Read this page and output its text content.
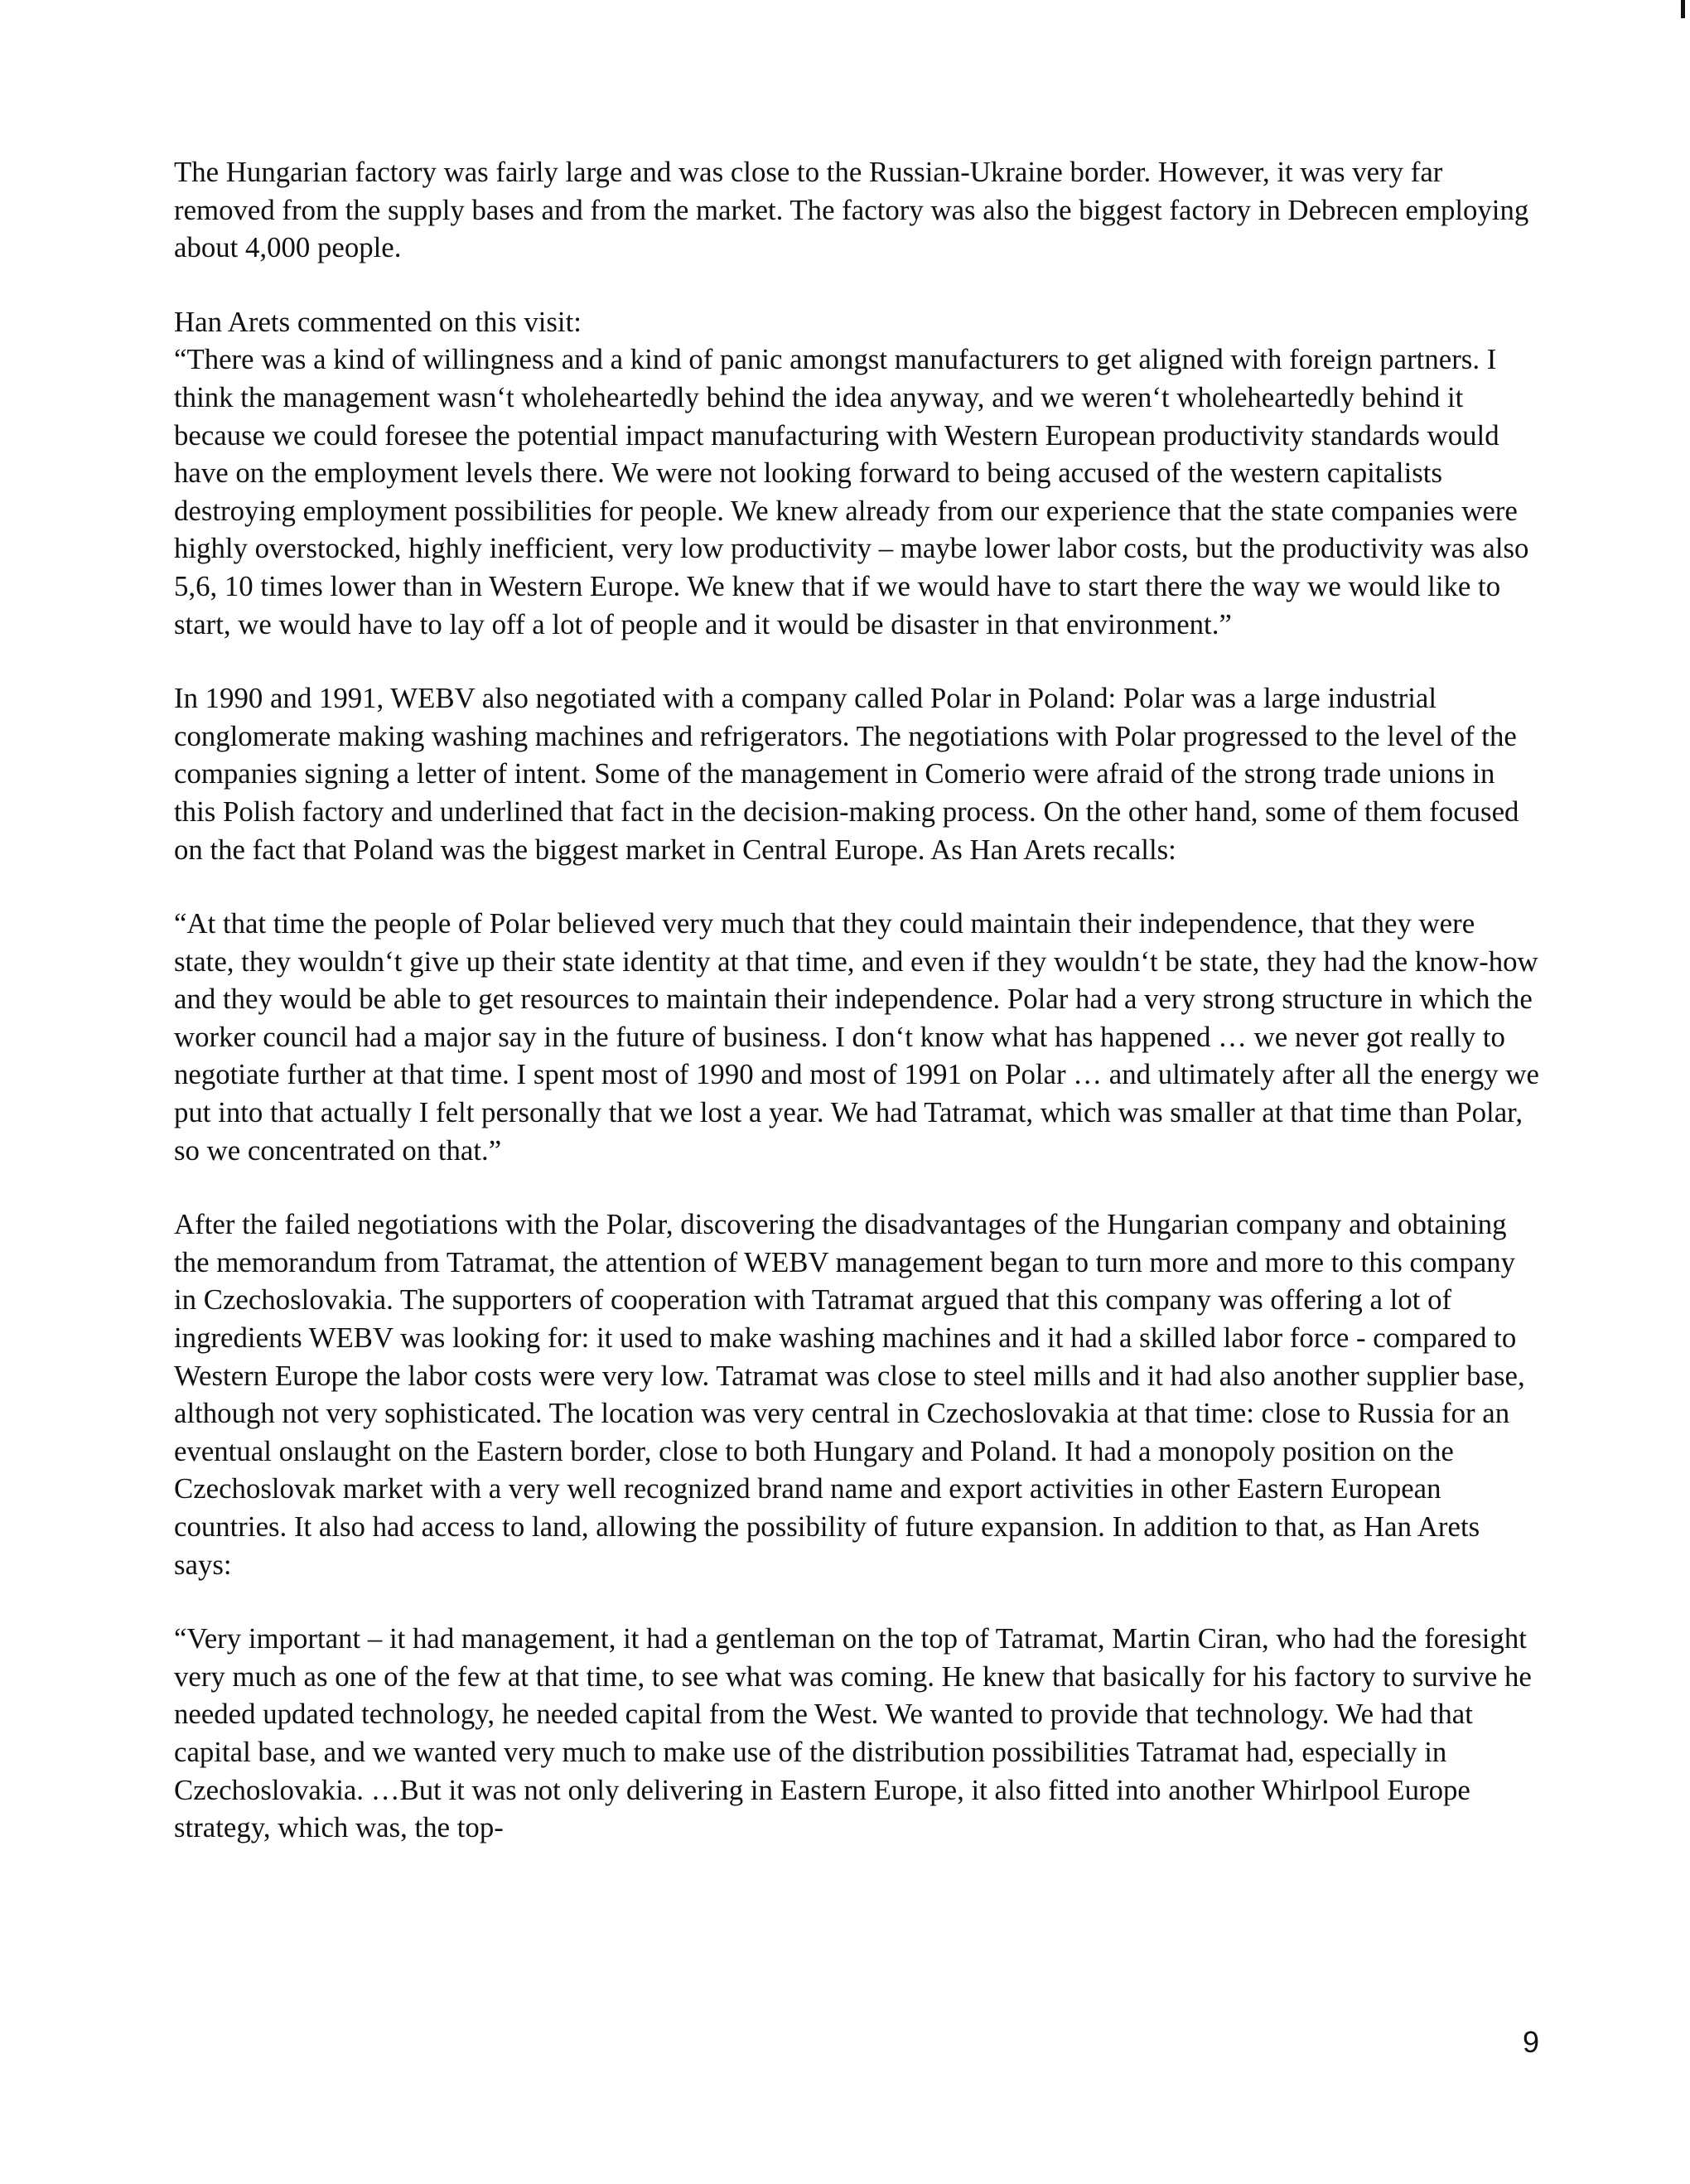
The Hungarian factory was fairly large and was close to the Russian-Ukraine border. However, it was very far removed from the supply bases and from the market. The factory was also the biggest factory in Debrecen employing about 4,000 people.

Han Arets commented on this visit:

“There was a kind of willingness and a kind of panic amongst manufacturers to get aligned with foreign partners. I think the management wasn‘t wholeheartedly behind the idea anyway, and we weren‘t wholeheartedly behind it because we could foresee the potential impact manufacturing with Western European productivity standards would have on the employment levels there. We were not looking forward to being accused of the western capitalists destroying employment possibilities for people. We knew already from our experience that the state companies were highly overstocked, highly inefficient, very low productivity – maybe lower labor costs, but the productivity was also 5,6, 10 times lower than in Western Europe. We knew that if we would have to start there the way we would like to start, we would have to lay off a lot of people and it would be disaster in that environment.”

In 1990 and 1991, WEBV also negotiated with a company called Polar in Poland: Polar was a large industrial conglomerate making washing machines and refrigerators. The negotiations with Polar progressed to the level of the companies signing a letter of intent. Some of the management in Comerio were afraid of the strong trade unions in this Polish factory and underlined that fact in the decision-making process. On the other hand, some of them focused on the fact that Poland was the biggest market in Central Europe. As Han Arets recalls:

“At that time the people of Polar believed very much that they could maintain their independence, that they were state, they wouldn‘t give up their state identity at that time, and even if they wouldn‘t be state, they had the know-how and they would be able to get resources to maintain their independence. Polar had a very strong structure in which the worker council had a major say in the future of business. I don‘t know what has happened … we never got really to negotiate further at that time. I spent most of 1990 and most of 1991 on Polar … and ultimately after all the energy we put into that actually I felt personally that we lost a year. We had Tatramat, which was smaller at that time than Polar, so we concentrated on that.”

After the failed negotiations with the Polar, discovering the disadvantages of the Hungarian company and obtaining the memorandum from Tatramat, the attention of WEBV management began to turn more and more to this company in Czechoslovakia. The supporters of cooperation with Tatramat argued that this company was offering a lot of ingredients WEBV was looking for: it used to make washing machines and it had a skilled labor force - compared to Western Europe the labor costs were very low. Tatramat was close to steel mills and it had also another supplier base, although not very sophisticated. The location was very central in Czechoslovakia at that time: close to Russia for an eventual onslaught on the Eastern border, close to both Hungary and Poland. It had a monopoly position on the Czechoslovak market with a very well recognized brand name and export activities in other Eastern European countries. It also had access to land, allowing the possibility of future expansion. In addition to that, as Han Arets says:

“Very important – it had management, it had a gentleman on the top of Tatramat, Martin Ciran, who had the foresight very much as one of the few at that time, to see what was coming. He knew that basically for his factory to survive he needed updated technology, he needed capital from the West. We wanted to provide that technology. We had that capital base, and we wanted very much to make use of the distribution possibilities Tatramat had, especially in Czechoslovakia. …But it was not only delivering in Eastern Europe, it also fitted into another Whirlpool Europe strategy, which was, the top-

9
